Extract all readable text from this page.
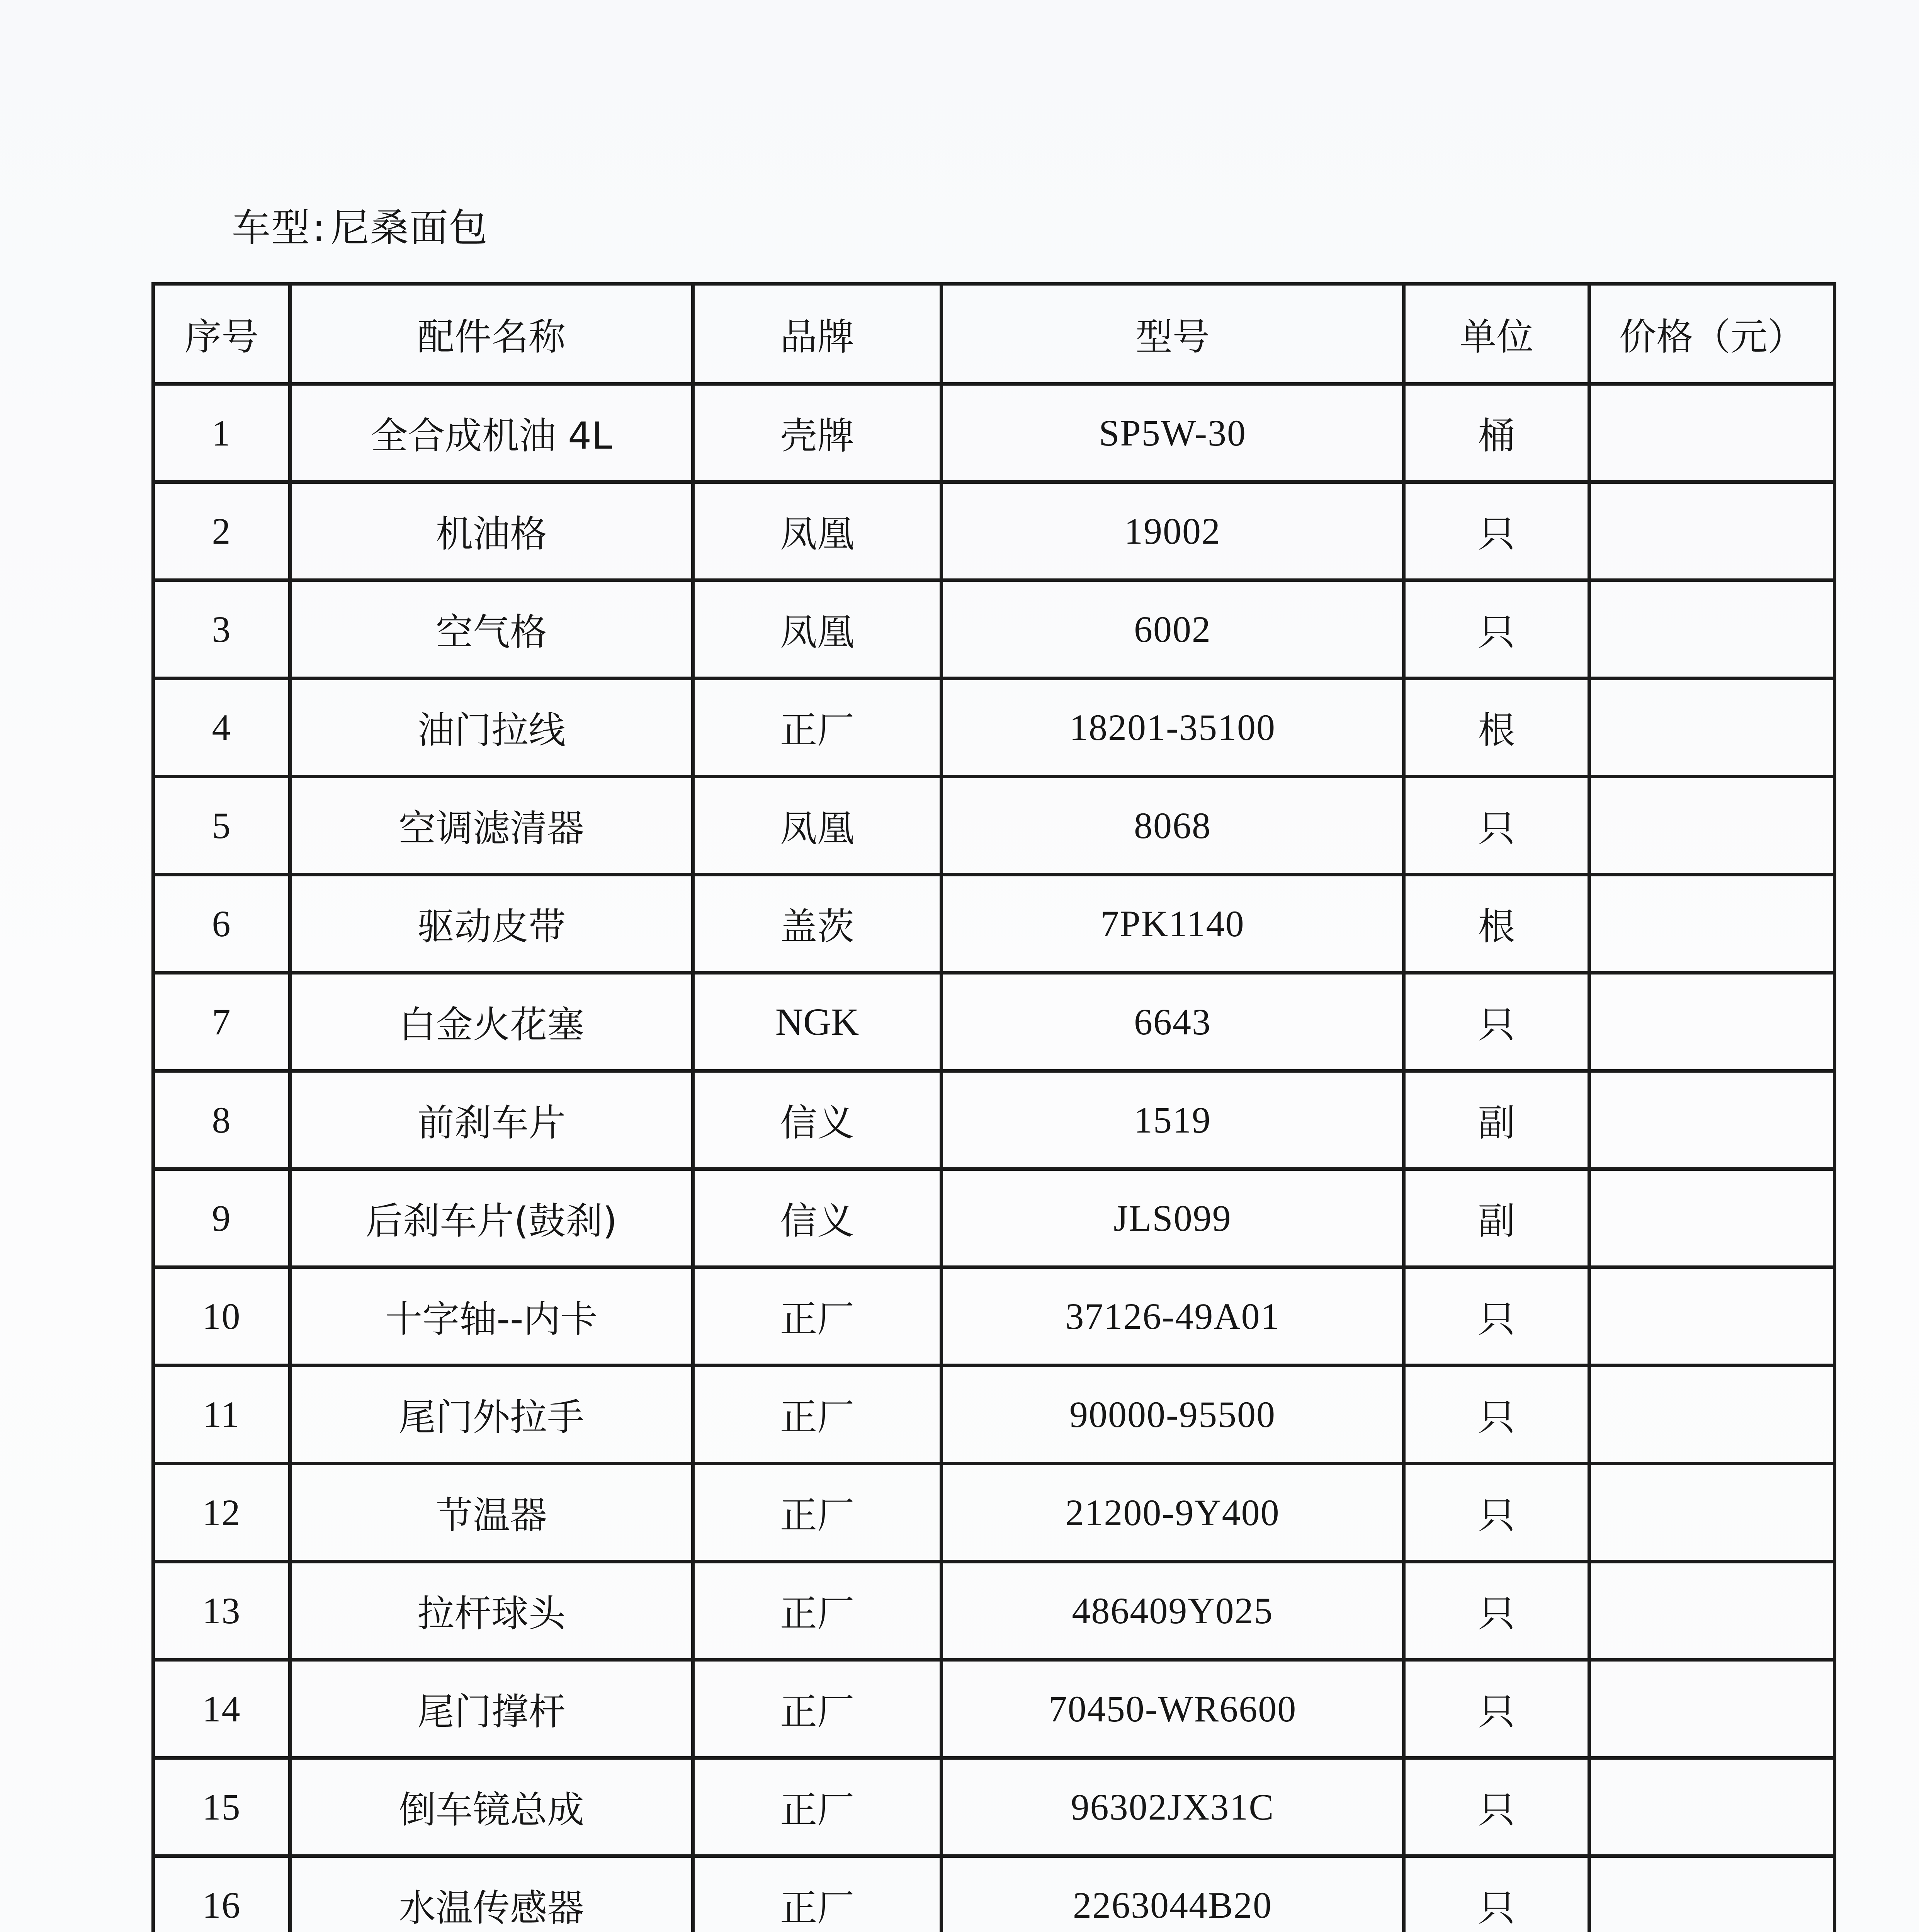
车型: 尼桑面包
序号	配件名称	品牌	型号	单位	价格（元）
1	全合成机油 4L	壳牌	SP5W-30	桶	
2	机油格	凤凰	19002	只	
3	空气格	凤凰	6002	只	
4	油门拉线	正厂	18201-35100	根	
5	空调滤清器	凤凰	8068	只	
6	驱动皮带	盖茨	7PK1140	根	
7	白金火花塞	NGK	6643	只	
8	前刹车片	信义	1519	副	
9	后刹车片(鼓刹)	信义	JLS099	副	
10	十字轴--内卡	正厂	37126-49A01	只	
11	尾门外拉手	正厂	90000-95500	只	
12	节温器	正厂	21200-9Y400	只	
13	拉杆球头	正厂	486409Y025	只	
14	尾门撑杆	正厂	70450-WR6600	只	
15	倒车镜总成	正厂	96302JX31C	只	
16	水温传感器	正厂	2263044B20	只	
